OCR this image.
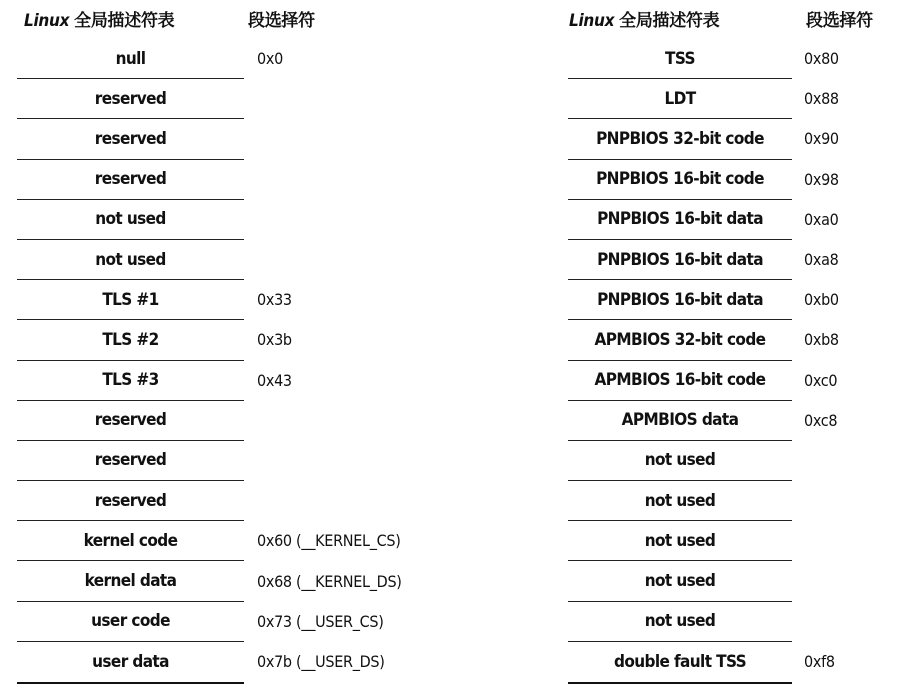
Linux 全局描述符表	段选择符
null	0x0
reserved
reserved
reserved
not used
not used
TLS #1	0x33
TLS #2	0x3b
TLS #3	0x43
reserved
reserved
reserved
kernel code	0x60 (__KERNEL_CS)
kernel data	0x68 (__KERNEL_DS)
user code	0x73 (__USER_CS)
user data	0x7b (__USER_DS)
Linux 全局描述符表	段选择符
TSS	0x80
LDT	0x88
PNPBIOS 32-bit code	0x90
PNPBIOS 16-bit code	0x98
PNPBIOS 16-bit data	0xa0
PNPBIOS 16-bit data	0xa8
PNPBIOS 16-bit data	0xb0
APMBIOS 32-bit code	0xb8
APMBIOS 16-bit code	0xc0
APMBIOS data	0xc8
not used
not used
not used
not used
not used
double fault TSS	0xf8
